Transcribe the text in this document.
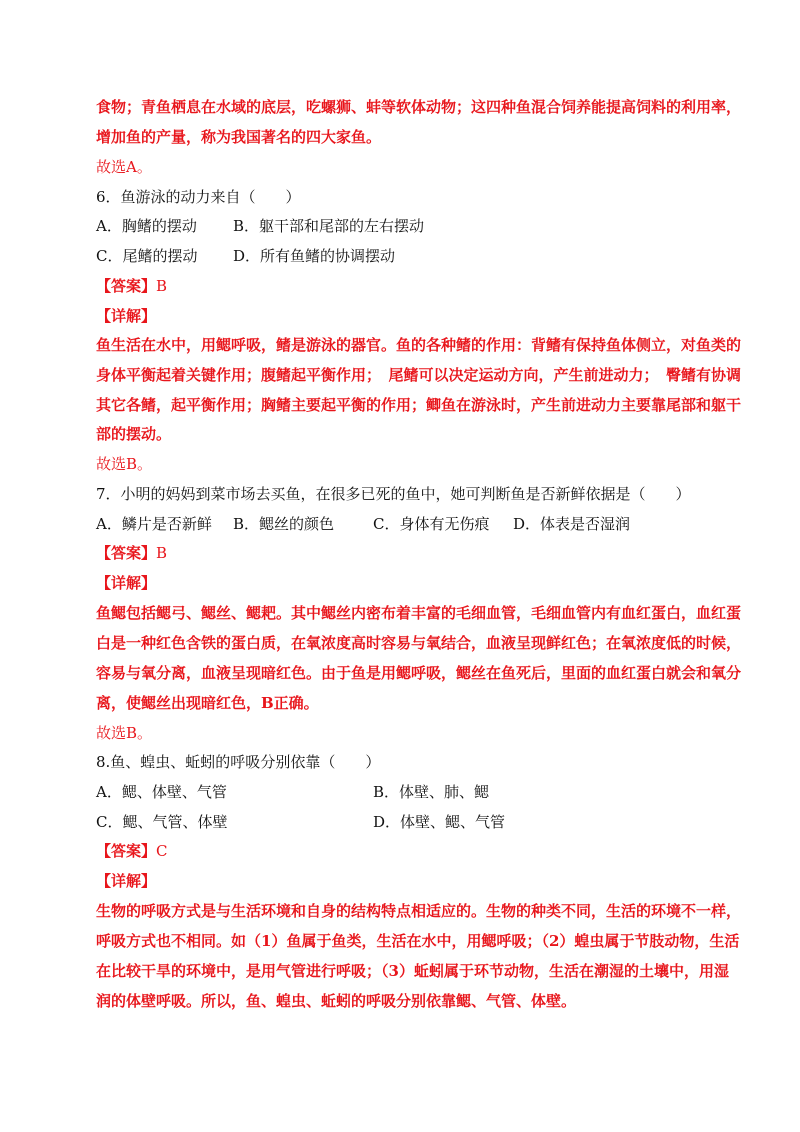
食物；青鱼栖息在水域的底层，吃螺狮、蚌等软体动物；这四种鱼混合饲养能提高饲料的利用率，
增加鱼的产量，称为我国著名的四大家鱼。
故选A。
6．鱼游泳的动力来自（　　）
A．胸鳍的摆动 B．躯干部和尾部的左右摆动
C．尾鳍的摆动 D．所有鱼鳍的协调摆动
【答案】B
【详解】
鱼生活在水中，用鳃呼吸，鳍是游泳的器官。鱼的各种鳍的作用：背鳍有保持鱼体侧立，对鱼类的
身体平衡起着关键作用；腹鳍起平衡作用；　尾鳍可以决定运动方向，产生前进动力；　臀鳍有协调
其它各鳍，起平衡作用；胸鳍主要起平衡的作用；鲫鱼在游泳时，产生前进动力主要靠尾部和躯干
部的摆动。
故选B。
7．小明的妈妈到菜市场去买鱼，在很多已死的鱼中，她可判断鱼是否新鲜依据是（　　）
A．鳞片是否新鲜 B．鳃丝的颜色	C．身体有无伤痕 D．体表是否湿润
【答案】B
【详解】
鱼鳃包括鳃弓、鳃丝、鳃耙。其中鳃丝内密布着丰富的毛细血管，毛细血管内有血红蛋白，血红蛋
白是一种红色含铁的蛋白质，在氧浓度高时容易与氧结合，血液呈现鲜红色；在氧浓度低的时候，
容易与氧分离，血液呈现暗红色。由于鱼是用鳃呼吸，鳃丝在鱼死后，里面的血红蛋白就会和氧分
离，使鳃丝出现暗红色，B正确。
故选B。
8.鱼、蝗虫、蚯蚓的呼吸分别依靠（　　）
A．鳃、体壁、气管	B．体壁、肺、鳃
C．鳃、气管、体壁	D．体壁、鳃、气管
【答案】C
【详解】
生物的呼吸方式是与生活环境和自身的结构特点相适应的。生物的种类不同，生活的环境不一样，
呼吸方式也不相同。如（1）鱼属于鱼类，生活在水中，用鳃呼吸；（2）蝗虫属于节肢动物，生活
在比较干旱的环境中，是用气管进行呼吸；（3）蚯蚓属于环节动物，生活在潮湿的土壤中，用湿
润的体壁呼吸。所以，鱼、蝗虫、蚯蚓的呼吸分别依靠鳃、气管、体壁。
